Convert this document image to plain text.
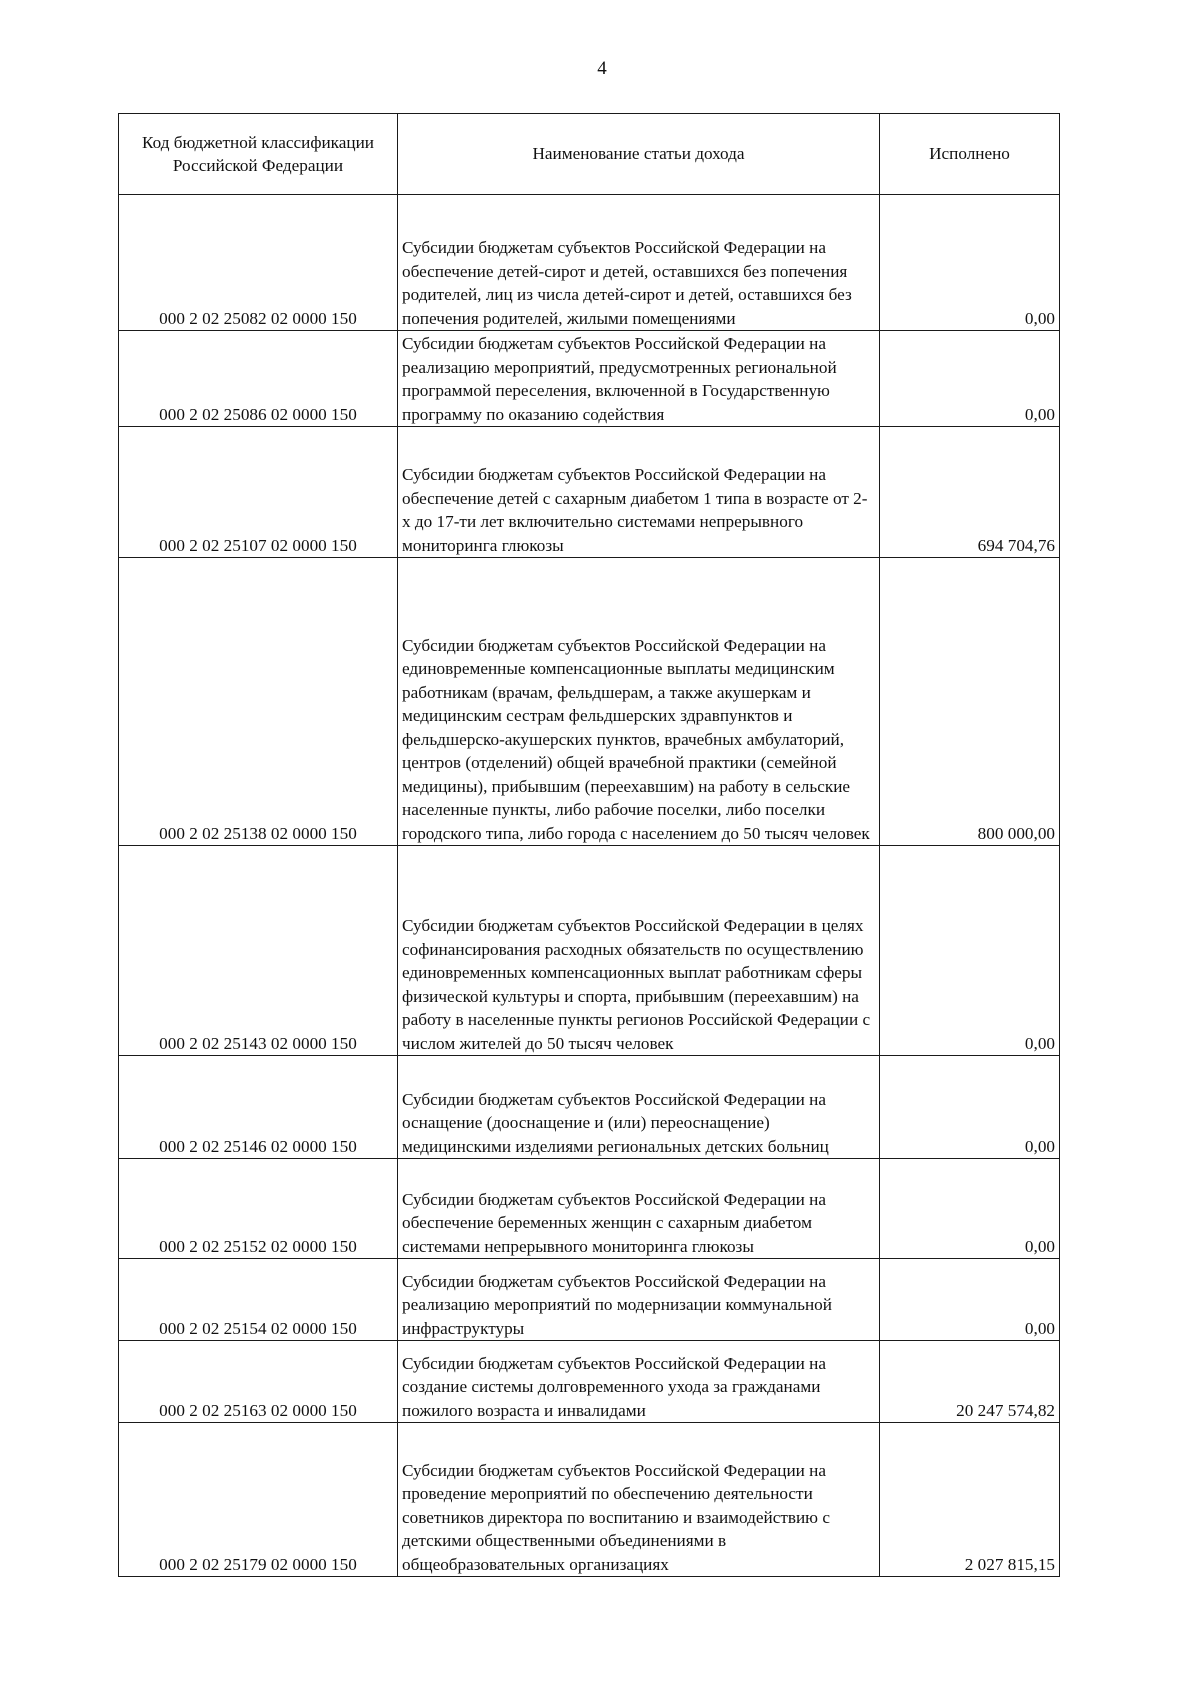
4
Код бюджетной классификации Российской Федерации	Наименование статьи дохода	Исполнено
000 2 02 25082 02 0000 150	Субсидии бюджетам субъектов Российской Федерации на обеспечение детей-сирот и детей, оставшихся без попечения родителей, лиц из числа детей-сирот и детей, оставшихся без попечения родителей, жилыми помещениями	0,00
000 2 02 25086 02 0000 150	Субсидии бюджетам субъектов Российской Федерации на реализацию мероприятий, предусмотренных региональной программой переселения, включенной в Государственную программу по оказанию содействия	0,00
000 2 02 25107 02 0000 150	Субсидии бюджетам субъектов Российской Федерации на обеспечение детей с сахарным диабетом 1 типа в возрасте от 2-х до 17-ти лет включительно системами непрерывного мониторинга глюкозы	694 704,76
000 2 02 25138 02 0000 150	Субсидии бюджетам субъектов Российской Федерации на единовременные компенсационные выплаты медицинским работникам (врачам, фельдшерам, а также акушеркам и медицинским сестрам фельдшерских здравпунктов и фельдшерско-акушерских пунктов, врачебных амбулаторий, центров (отделений) общей врачебной практики (семейной медицины), прибывшим (переехавшим) на работу в сельские населенные пункты, либо рабочие поселки, либо поселки городского типа, либо города с населением до 50 тысяч человек	800 000,00
000 2 02 25143 02 0000 150	Субсидии бюджетам субъектов Российской Федерации в целях софинансирования расходных обязательств по осуществлению единовременных компенсационных выплат работникам сферы физической культуры и спорта, прибывшим (переехавшим) на работу в населенные пункты регионов Российской Федерации с числом жителей до 50 тысяч человек	0,00
000 2 02 25146 02 0000 150	Субсидии бюджетам субъектов Российской Федерации на оснащение (дооснащение и (или) переоснащение) медицинскими изделиями региональных детских больниц	0,00
000 2 02 25152 02 0000 150	Субсидии бюджетам субъектов Российской Федерации на обеспечение беременных женщин с сахарным диабетом системами непрерывного мониторинга глюкозы	0,00
000 2 02 25154 02 0000 150	Субсидии бюджетам субъектов Российской Федерации на реализацию мероприятий по модернизации коммунальной инфраструктуры	0,00
000 2 02 25163 02 0000 150	Субсидии бюджетам субъектов Российской Федерации на создание системы долговременного ухода за гражданами пожилого возраста и инвалидами	20 247 574,82
000 2 02 25179 02 0000 150	Субсидии бюджетам субъектов Российской Федерации на проведение мероприятий по обеспечению деятельности советников директора по воспитанию и взаимодействию с детскими общественными объединениями в общеобразовательных организациях	2 027 815,15
